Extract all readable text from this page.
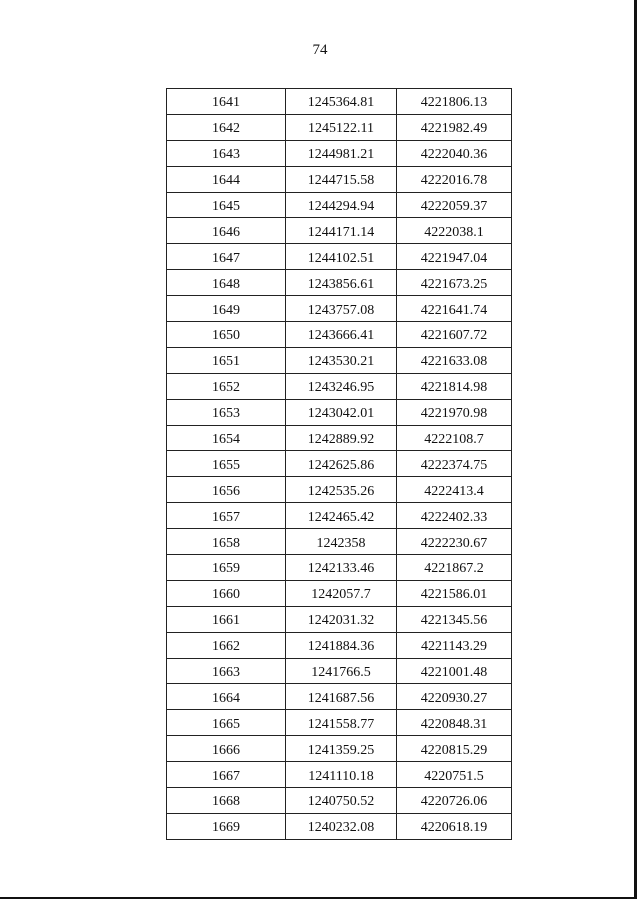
74
1641	1245364.81	4221806.13
1642	1245122.11	4221982.49
1643	1244981.21	4222040.36
1644	1244715.58	4222016.78
1645	1244294.94	4222059.37
1646	1244171.14	4222038.1
1647	1244102.51	4221947.04
1648	1243856.61	4221673.25
1649	1243757.08	4221641.74
1650	1243666.41	4221607.72
1651	1243530.21	4221633.08
1652	1243246.95	4221814.98
1653	1243042.01	4221970.98
1654	1242889.92	4222108.7
1655	1242625.86	4222374.75
1656	1242535.26	4222413.4
1657	1242465.42	4222402.33
1658	1242358	4222230.67
1659	1242133.46	4221867.2
1660	1242057.7	4221586.01
1661	1242031.32	4221345.56
1662	1241884.36	4221143.29
1663	1241766.5	4221001.48
1664	1241687.56	4220930.27
1665	1241558.77	4220848.31
1666	1241359.25	4220815.29
1667	1241110.18	4220751.5
1668	1240750.52	4220726.06
1669	1240232.08	4220618.19
